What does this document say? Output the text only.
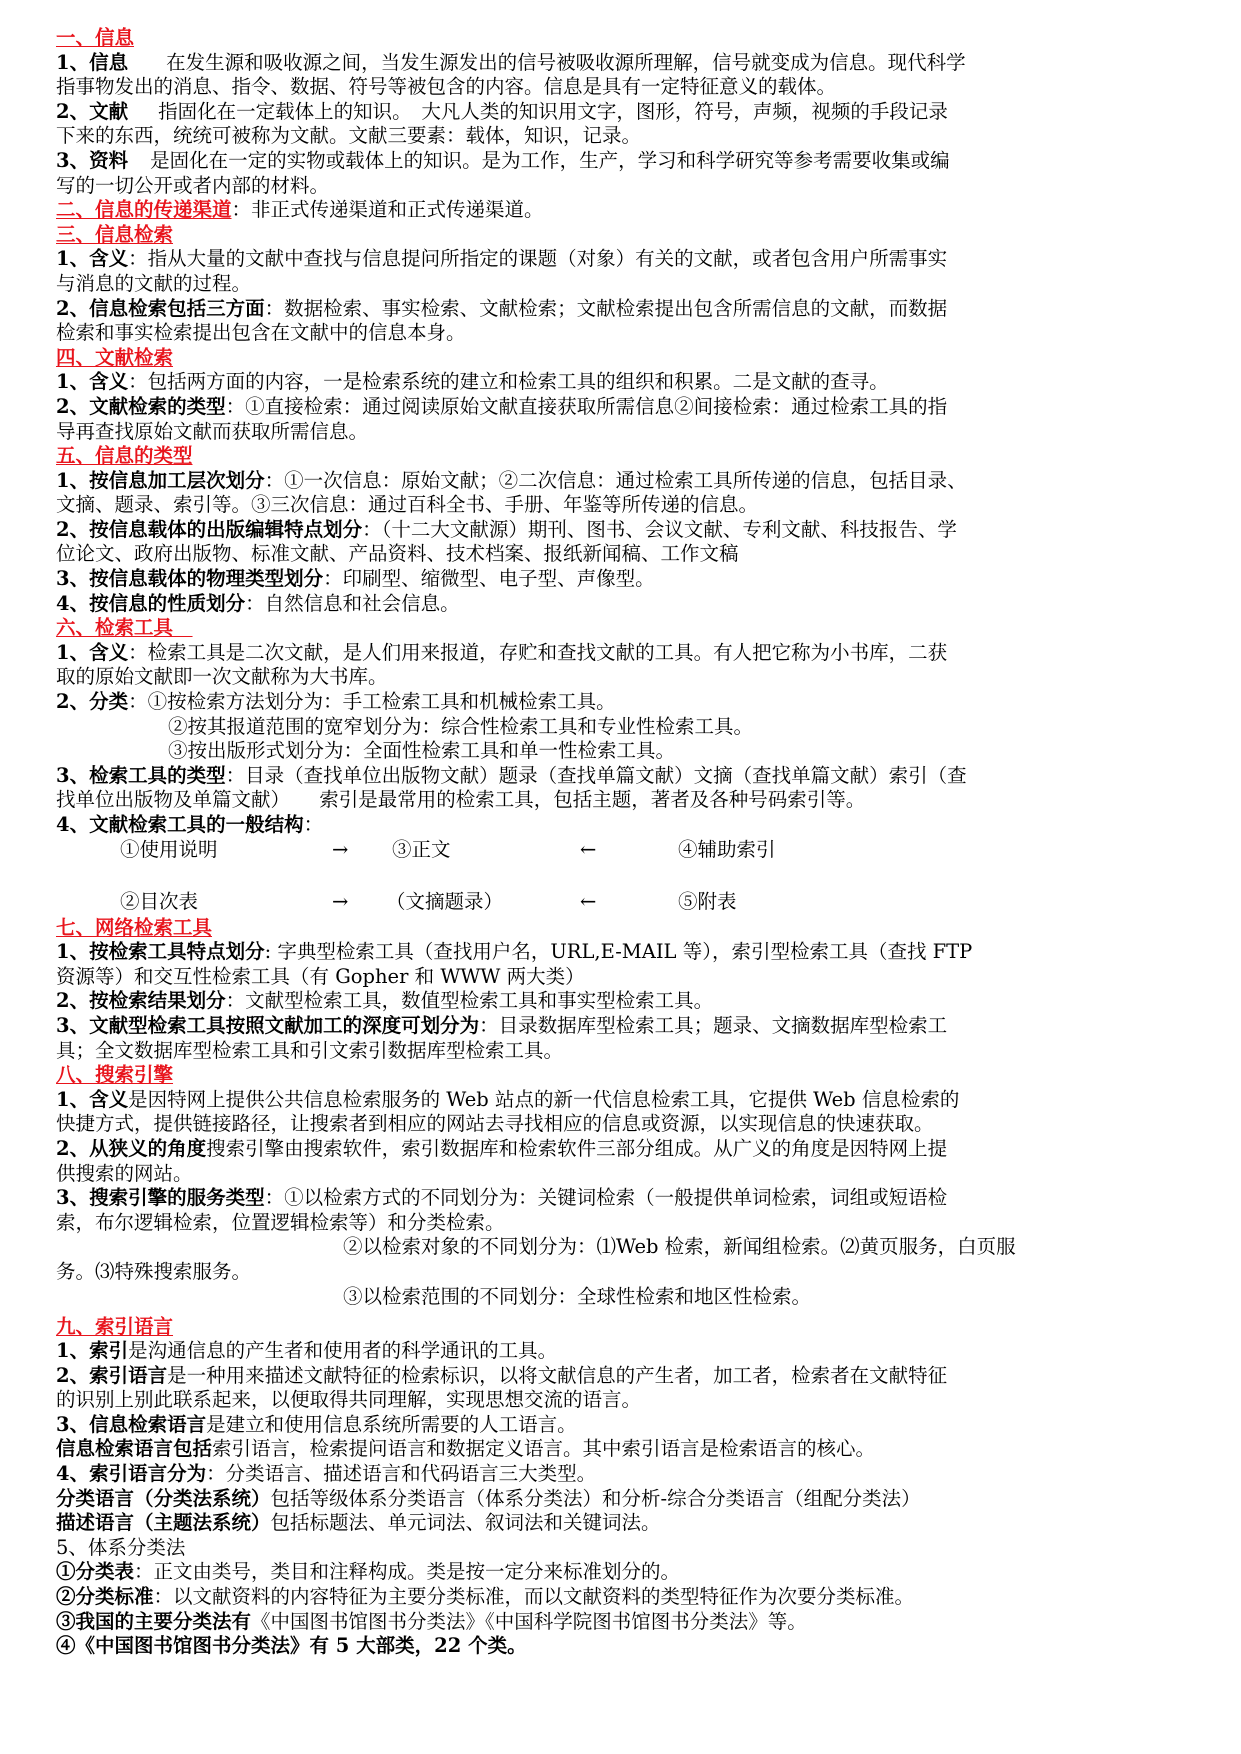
一、信息
1、信息 在发生源和吸收源之间，当发生源发出的信号被吸收源所理解，信号就变成为信息。现代科学
指事物发出的消息、指令、数据、符号等被包含的内容。信息是具有一定特征意义的载体。
2、文献 指固化在一定载体上的知识。　大凡人类的知识用文字，图形，符号，声频，视频的手段记录
下来的东西，统统可被称为文献。文献三要素：载体，知识，记录。
3、资料 是固化在一定的实物或载体上的知识。是为工作，生产，学习和科学研究等参考需要收集或编
写的一切公开或者内部的材料。
二、信息的传递渠道：非正式传递渠道和正式传递渠道。
三、信息检索
1、含义：指从大量的文献中查找与信息提问所指定的课题（对象）有关的文献，或者包含用户所需事实
与消息的文献的过程。
2、信息检索包括三方面：数据检索、事实检索、文献检索；文献检索提出包含所需信息的文献，而数据
检索和事实检索提出包含在文献中的信息本身。
四、文献检索
1、含义：包括两方面的内容，一是检索系统的建立和检索工具的组织和积累。二是文献的查寻。
2、文献检索的类型：①直接检索：通过阅读原始文献直接获取所需信息②间接检索：通过检索工具的指
导再查找原始文献而获取所需信息。
五、信息的类型
1、按信息加工层次划分：①一次信息：原始文献；②二次信息：通过检索工具所传递的信息，包括目录、
文摘、题录、索引等。③三次信息：通过百科全书、手册、年鉴等所传递的信息。
2、按信息载体的出版编辑特点划分：（十二大文献源）期刊、图书、会议文献、专利文献、科技报告、学
位论文、政府出版物、标准文献、产品资料、技术档案、报纸新闻稿、工作文稿
3、按信息载体的物理类型划分：印刷型、缩微型、电子型、声像型。
4、按信息的性质划分：自然信息和社会信息。
六、检索工具　
1、含义：检索工具是二次文献，是人们用来报道，存贮和查找文献的工具。有人把它称为小书库，二获
取的原始文献即一次文献称为大书库。
2、分类：①按检索方法划分为：手工检索工具和机械检索工具。
②按其报道范围的宽窄划分为：综合性检索工具和专业性检索工具。
③按出版形式划分为：全面性检索工具和单一性检索工具。
3、检索工具的类型：目录（查找单位出版物文献）题录（查找单篇文献）文摘（查找单篇文献）索引（查
找单位出版物及单篇文献）　　索引是最常用的检索工具，包括主题，著者及各种号码索引等。
4、文献检索工具的一般结构：
①使用说明	→ ③正文	←	④辅助索引
②目次表	→ （文摘题录）	←	⑤附表
七、网络检索工具
1、按检索工具特点划分: 字典型检索工具（查找用户名，URL,E-MAIL 等），索引型检索工具（查找 FTP
资源等）和交互性检索工具（有 Gopher 和 WWW 两大类）
2、按检索结果划分：文献型检索工具，数值型检索工具和事实型检索工具。
3、文献型检索工具按照文献加工的深度可划分为：目录数据库型检索工具；题录、文摘数据库型检索工
具；全文数据库型检索工具和引文索引数据库型检索工具。
八、搜索引擎
1、含义是因特网上提供公共信息检索服务的 Web 站点的新一代信息检索工具，它提供 Web 信息检索的
快捷方式，提供链接路径，让搜索者到相应的网站去寻找相应的信息或资源，以实现信息的快速获取。
2、从狭义的角度搜索引擎由搜索软件，索引数据库和检索软件三部分组成。从广义的角度是因特网上提
供搜索的网站。
3、搜索引擎的服务类型：①以检索方式的不同划分为：关键词检索（一般提供单词检索，词组或短语检
索，布尔逻辑检索，位置逻辑检索等）和分类检索。
②以检索对象的不同划分为：⑴Web 检索，新闻组检索。⑵黄页服务，白页服
务。⑶特殊搜索服务。
③以检索范围的不同划分：全球性检索和地区性检索。
九、索引语言
1、索引是沟通信息的产生者和使用者的科学通讯的工具。
2、索引语言是一种用来描述文献特征的检索标识，以将文献信息的产生者，加工者，检索者在文献特征
的识别上别此联系起来，以便取得共同理解，实现思想交流的语言。
3、信息检索语言是建立和使用信息系统所需要的人工语言。
信息检索语言包括索引语言，检索提问语言和数据定义语言。其中索引语言是检索语言的核心。
4、索引语言分为：分类语言、描述语言和代码语言三大类型。
分类语言（分类法系统）包括等级体系分类语言（体系分类法）和分析-综合分类语言（组配分类法）
描述语言（主题法系统）包括标题法、单元词法、叙词法和关键词法。
5、体系分类法
①分类表：正文由类号，类目和注释构成。类是按一定分来标准划分的。
②分类标准：以文献资料的内容特征为主要分类标准，而以文献资料的类型特征作为次要分类标准。
③我国的主要分类法有《中国图书馆图书分类法》《中国科学院图书馆图书分类法》等。
④《中国图书馆图书分类法》有 5 大部类，22 个类。
